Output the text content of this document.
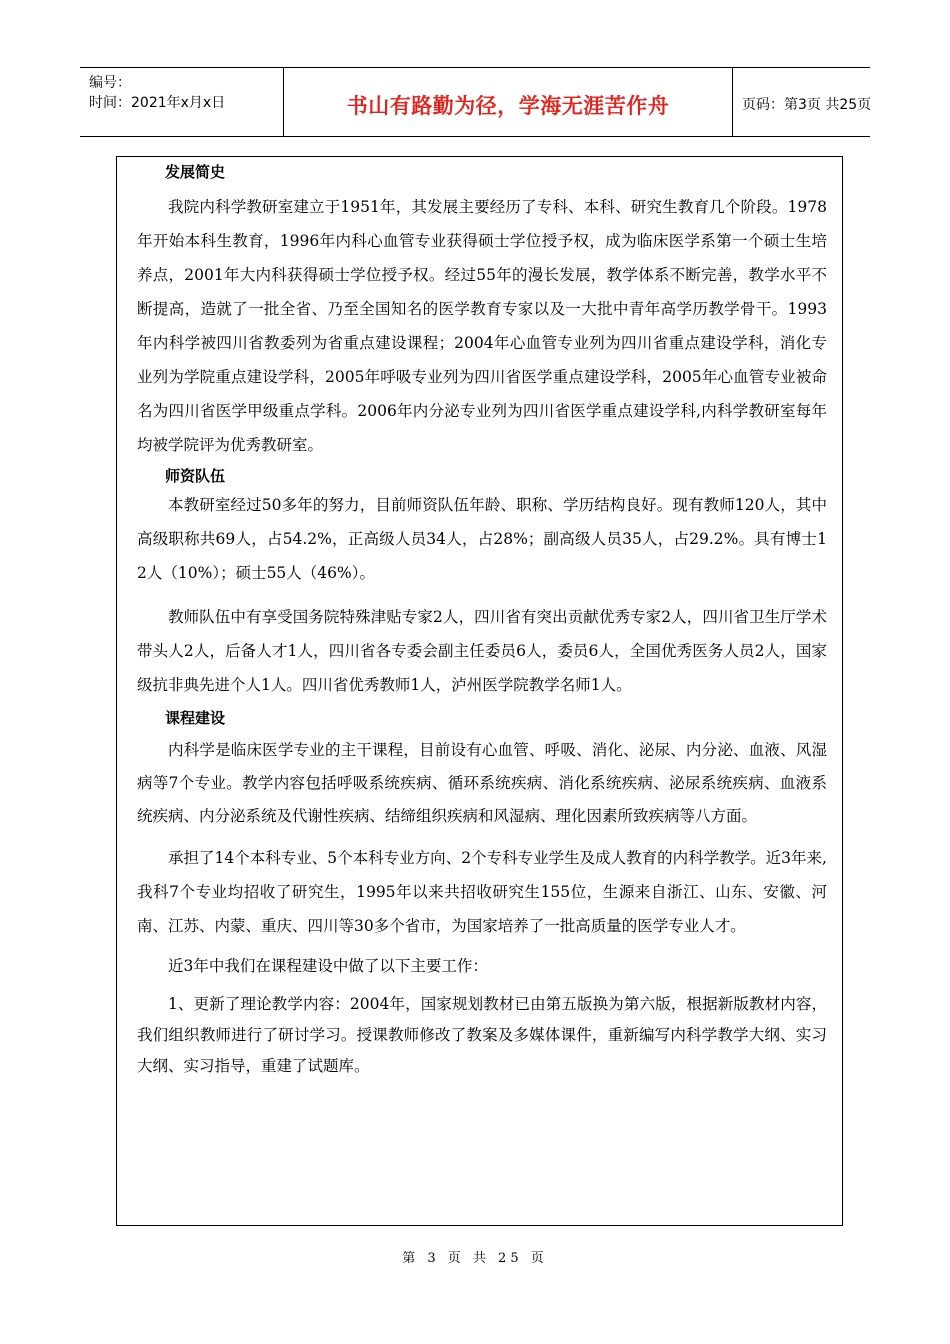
编号：
时间：2021年x月x日	书山有路勤为径，学海无涯苦作舟	页码：第3页 共25页
发展简史

我院内科学教研室建立于1951年，其发展主要经历了专科、本科、研究生教育几个阶段。1978年开始本科生教育，1996年内科心血管专业获得硕士学位授予权，成为临床医学系第一个硕士生培养点，2001年大内科获得硕士学位授予权。经过55年的漫长发展，教学体系不断完善，教学水平不断提高，造就了一批全省、乃至全国知名的医学教育专家以及一大批中青年高学历教学骨干。1993年内科学被四川省教委列为省重点建设课程；2004年心血管专业列为四川省重点建设学科，消化专业列为学院重点建设学科，2005年呼吸专业列为四川省医学重点建设学科，2005年心血管专业被命名为四川省医学甲级重点学科。2006年内分泌专业列为四川省医学重点建设学科,内科学教研室每年均被学院评为优秀教研室。

师资队伍

本教研室经过50多年的努力，目前师资队伍年龄、职称、学历结构良好。现有教师120人，其中高级职称共69人，占54.2%，正高级人员34人，占28%；副高级人员35人，占29.2%。具有博士12人（10%）；硕士55人（46%）。

教师队伍中有享受国务院特殊津贴专家2人，四川省有突出贡献优秀专家2人，四川省卫生厅学术带头人2人，后备人才1人，四川省各专委会副主任委员6人，委员6人，全国优秀医务人员2人，国家级抗非典先进个人1人。四川省优秀教师1人，泸州医学院教学名师1人。

课程建设

内科学是临床医学专业的主干课程，目前设有心血管、呼吸、消化、泌尿、内分泌、血液、风湿病等7个专业。教学内容包括呼吸系统疾病、循环系统疾病、消化系统疾病、泌尿系统疾病、血液系统疾病、内分泌系统及代谢性疾病、结缔组织疾病和风湿病、理化因素所致疾病等八方面。

承担了14个本科专业、5个本科专业方向、2个专科专业学生及成人教育的内科学教学。近3年来,我科7个专业均招收了研究生，1995年以来共招收研究生155位，生源来自浙江、山东、安徽、河南、江苏、内蒙、重庆、四川等30多个省市，为国家培养了一批高质量的医学专业人才。

近3年中我们在课程建设中做了以下主要工作：

1、更新了理论教学内容：2004年，国家规划教材已由第五版换为第六版，根据新版教材内容，我们组织教师进行了研讨学习。授课教师修改了教案及多媒体课件，重新编写内科学教学大纲、实习大纲、实习指导，重建了试题库。

第 3 页 共 25 页
